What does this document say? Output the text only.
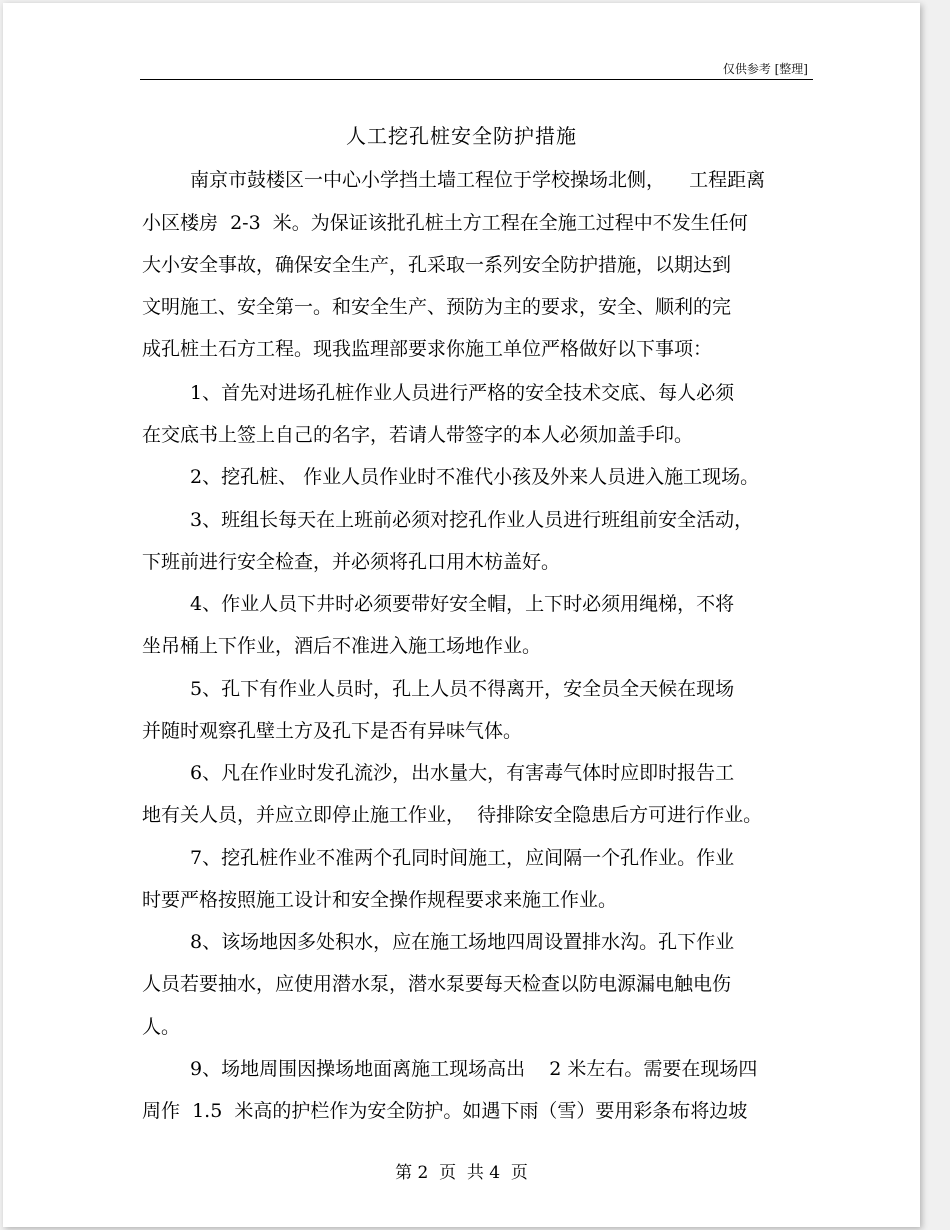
仅供参考 [整理]
人工挖孔桩安全防护措施
南京市鼓楼区一中心小学挡土墙工程位于学校操场北侧，    工程距离
小区楼房  2-3  米。为保证该批孔桩土方工程在全施工过程中不发生任何
大小安全事故，确保安全生产，孔采取一系列安全防护措施，以期达到
文明施工、安全第一。和安全生产、预防为主的要求，安全、顺利的完
成孔桩土石方工程。现我监理部要求你施工单位严格做好以下事项：
1、首先对进场孔桩作业人员进行严格的安全技术交底、每人必须
在交底书上签上自己的名字，若请人带签字的本人必须加盖手印。
2、挖孔桩、 作业人员作业时不准代小孩及外来人员进入施工现场。
3、班组长每天在上班前必须对挖孔作业人员进行班组前安全活动，
下班前进行安全检查，并必须将孔口用木枋盖好。
4、作业人员下井时必须要带好安全帽，上下时必须用绳梯，不将
坐吊桶上下作业，酒后不准进入施工场地作业。
5、孔下有作业人员时，孔上人员不得离开，安全员全天候在现场
并随时观察孔壁土方及孔下是否有异味气体。
6、凡在作业时发孔流沙，出水量大，有害毒气体时应即时报告工
地有关人员，并应立即停止施工作业，  待排除安全隐患后方可进行作业。
7、挖孔桩作业不准两个孔同时间施工，应间隔一个孔作业。作业
时要严格按照施工设计和安全操作规程要求来施工作业。
8、该场地因多处积水，应在施工场地四周设置排水沟。孔下作业
人员若要抽水，应使用潜水泵，潜水泵要每天检查以防电源漏电触电伤
人。
9、场地周围因操场地面离施工现场高出    2 米左右。需要在现场四
周作  1.5  米高的护栏作为安全防护。如遇下雨（雪）要用彩条布将边坡
第 2  页  共 4  页
